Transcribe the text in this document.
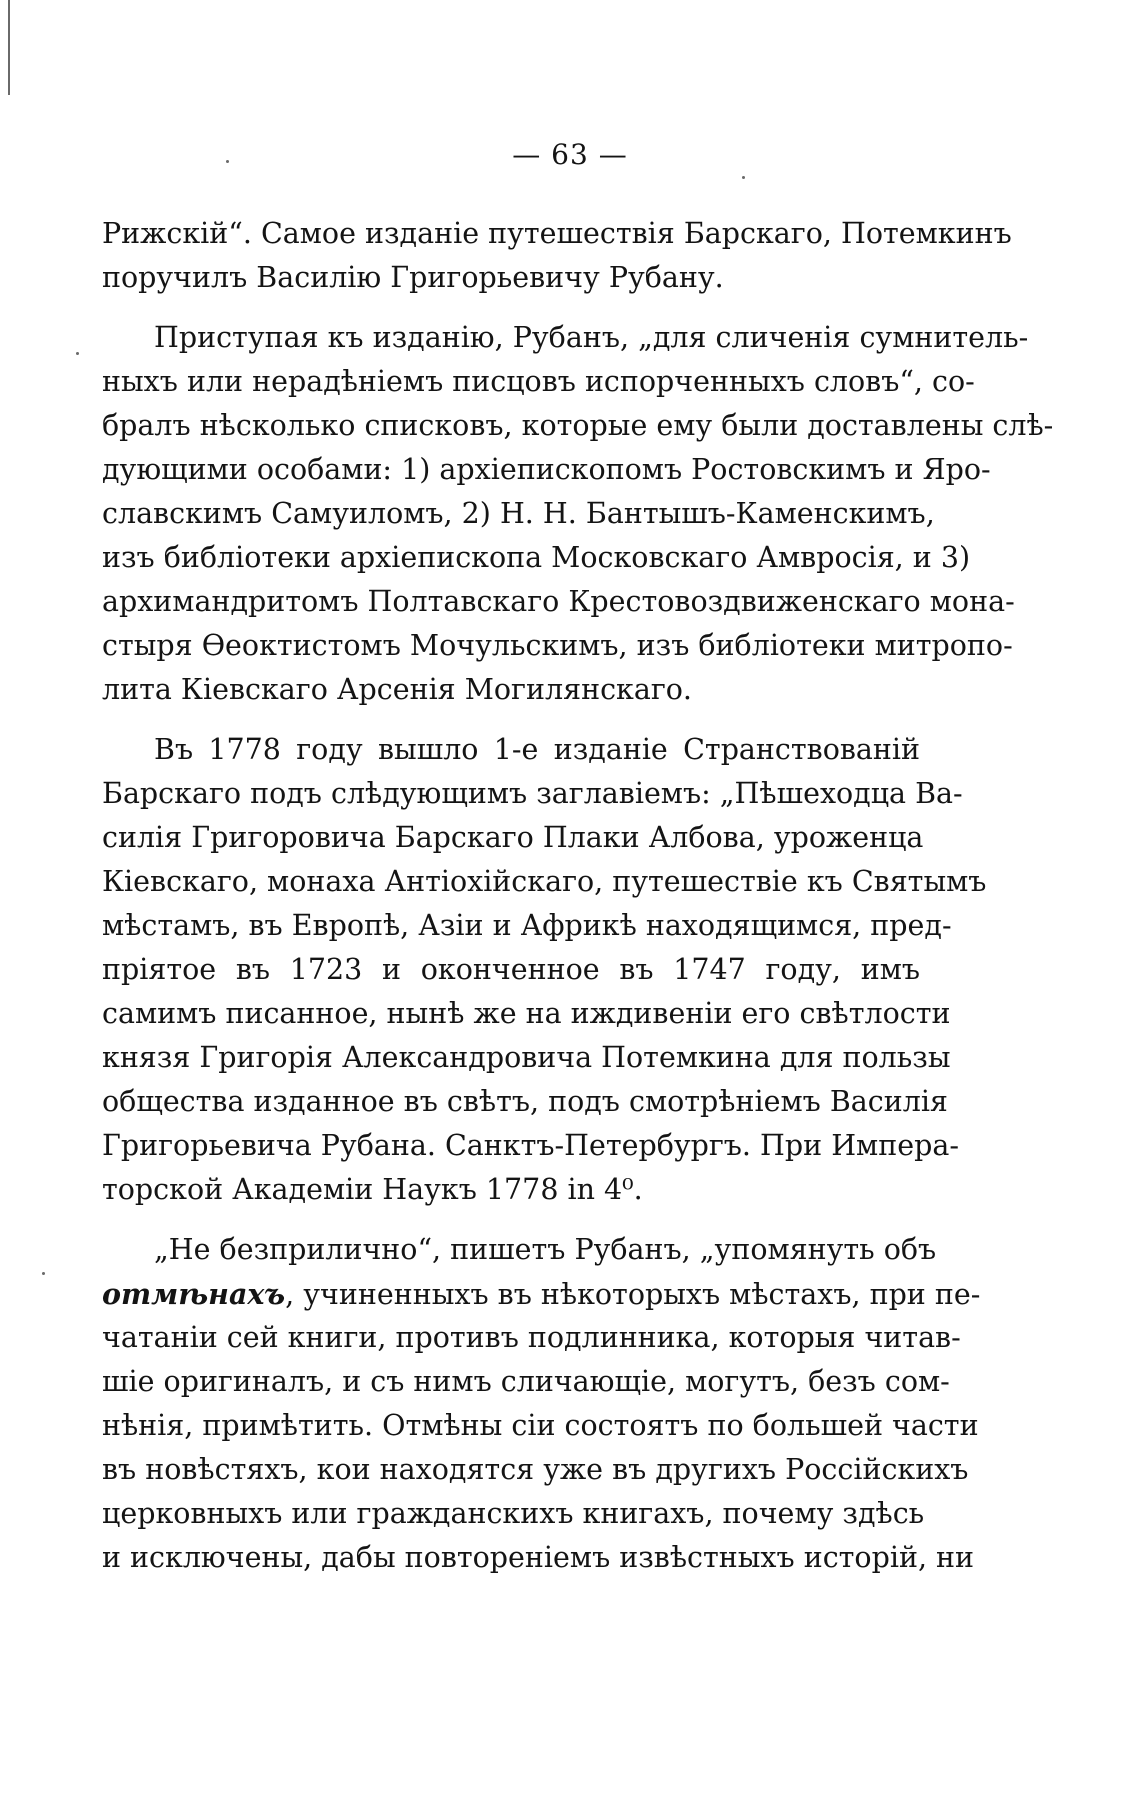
— 63 —
Рижскiй“. Самое изданiе путешествiя Барскаго, Потемкинъ
поручилъ Василiю Григорьевичу Рубану.
Приступая къ изданiю, Рубанъ, „для сличенiя сумнитель-
ныхъ или нерадѣнiемъ писцовъ испорченныхъ словъ“, со-
бралъ нѣсколько списковъ, которые ему были доставлены слѣ-
дующими особами: 1) архiепископомъ Ростовскимъ и Яро-
славскимъ Самуиломъ, 2) Н. Н. Бантышъ-Каменскимъ,
изъ библiотеки архiепископа Московскаго Амвросiя, и 3)
архимандритомъ Полтавскаго Крестовоздвиженскаго мона-
стыря Өеоктистомъ Мочульскимъ, изъ библiотеки митропо-
лита Кiевскаго Арсенiя Могилянскаго.
Въ 1778 году вышло 1-е изданiе Странствованiй
Барскаго подъ слѣдующимъ заглавiемъ: „Пѣшеходца Ва-
силiя Григоровича Барскаго Плаки Албова, уроженца
Кiевскаго, монаха Антiохiйскаго, путешествiе къ Святымъ
мѣстамъ, въ Европѣ, Азiи и Африкѣ находящимся, пред-
прiятое въ 1723 и оконченное въ 1747 году, имъ
самимъ писанное, нынѣ же на иждивенiи его свѣтлости
князя Григорiя Александровича Потемкина для пользы
общества изданное въ свѣтъ, подъ смотрѣнiемъ Василiя
Григорьевича Рубана. Санктъ-Петербургъ. При Импера-
торской Академiи Наукъ 1778 in 4⁰.
„Не безприлично“, пишетъ Рубанъ, „упомянуть объ
отмѣнахъ, учиненныхъ въ нѣкоторыхъ мѣстахъ, при пе-
чатанiи сей книги, противъ подлинника, которыя читав-
шiе оригиналъ, и съ нимъ сличающiе, могутъ, безъ сом-
нѣнiя, примѣтить. Отмѣны сiи состоятъ по большей части
въ новѣстяхъ, кои находятся уже въ другихъ Россiйскихъ
церковныхъ или гражданскихъ книгахъ, почему здѣсь
и исключены, дабы повторенiемъ извѣстныхъ исторiй, ни
